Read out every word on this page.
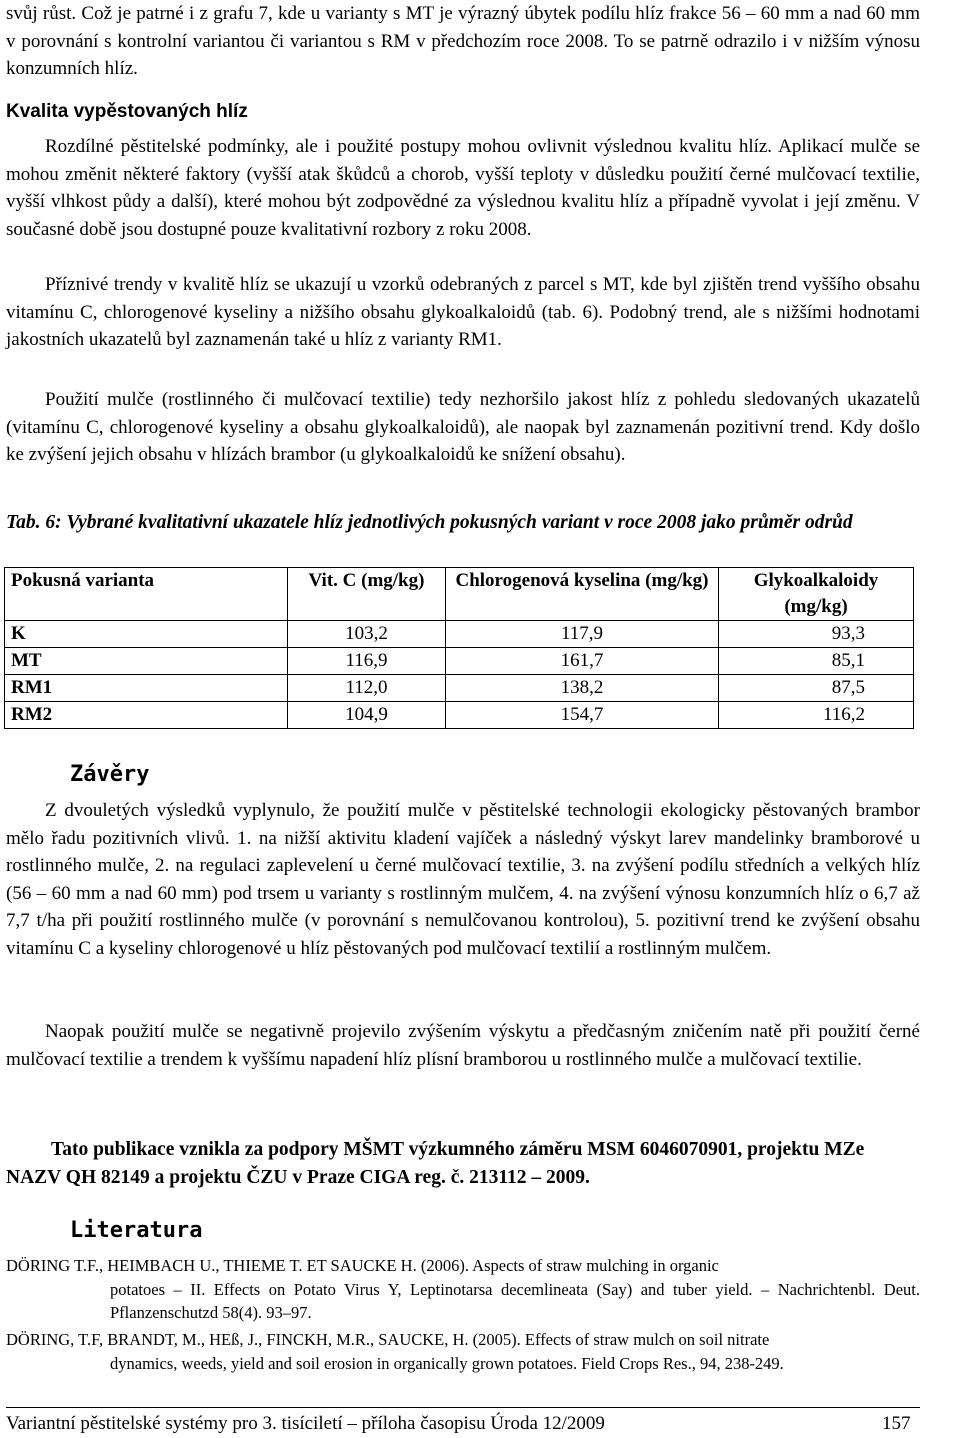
svůj růst. Což je patrné i z grafu 7, kde u varianty s MT je výrazný úbytek podílu hlíz frakce 56 – 60 mm a nad 60 mm v porovnání s kontrolní variantou či variantou s RM v předchozím roce 2008. To se patrně odrazilo i v nižším výnosu konzumních hlíz.

Kvalita vypěstovaných hlíz

Rozdílné pěstitelské podmínky, ale i použité postupy mohou ovlivnit výslednou kvalitu hlíz. Aplikací mulče se mohou změnit některé faktory (vyšší atak škůdců a chorob, vyšší teploty v důsledku použití černé mulčovací textilie, vyšší vlhkost půdy a další), které mohou být zodpovědné za výslednou kvalitu hlíz a případně vyvolat i její změnu. V současné době jsou dostupné pouze kvalitativní rozbory z roku 2008.

Příznivé trendy v kvalitě hlíz se ukazují u vzorků odebraných z parcel s MT, kde byl zjištěn trend vyššího obsahu vitamínu C, chlorogenové kyseliny a nižšího obsahu glykoalkaloidů (tab. 6). Podobný trend, ale s nižšími hodnotami jakostních ukazatelů byl zaznamenán také u hlíz z varianty RM1.

Použití mulče (rostlinného či mulčovací textilie) tedy nezhoršilo jakost hlíz z pohledu sledovaných ukazatelů (vitamínu C, chlorogenové kyseliny a obsahu glykoalkaloidů), ale naopak byl zaznamenán pozitivní trend. Kdy došlo ke zvýšení jejich obsahu v hlízách brambor (u glykoalkaloidů ke snížení obsahu).

Tab. 6: Vybrané kvalitativní ukazatele hlíz jednotlivých pokusných variant v roce 2008 jako průměr odrůd
Pokusná varianta	Vit. C (mg/kg)	Chlorogenová kyselina (mg/kg)	Glykoalkaloidy (mg/kg)
K	103,2	117,9	93,3
MT	116,9	161,7	85,1
RM1	112,0	138,2	87,5
RM2	104,9	154,7	116,2
Závěry

Z dvouletých výsledků vyplynulo, že použití mulče v pěstitelské technologii ekologicky pěstovaných brambor mělo řadu pozitivních vlivů. 1. na nižší aktivitu kladení vajíček a následný výskyt larev mandelinky bramborové u rostlinného mulče, 2. na regulaci zaplevelení u černé mulčovací textilie, 3. na zvýšení podílu středních a velkých hlíz (56 – 60 mm a nad 60 mm) pod trsem u varianty s rostlinným mulčem, 4. na zvýšení výnosu konzumních hlíz o 6,7 až 7,7 t/ha při použití rostlinného mulče (v porovnání s nemulčovanou kontrolou), 5. pozitivní trend ke zvýšení obsahu vitamínu C a kyseliny chlorogenové u hlíz pěstovaných pod mulčovací textilií a rostlinným mulčem.

Naopak použití mulče se negativně projevilo zvýšením výskytu a předčasným zničením natě při použití černé mulčovací textilie a trendem k vyššímu napadení hlíz plísní bramborou u rostlinného mulče a mulčovací textilie.

Tato publikace vznikla za podpory MŠMT výzkumného záměru MSM 6046070901, projektu MZe NAZV QH 82149 a projektu ČZU v Praze CIGA reg. č. 213112 – 2009.
Literatura
DÖRING T.F., HEIMBACH U., THIEME T. ET SAUCKE H. (2006). Aspects of straw mulching in organic
potatoes – II. Effects on Potato Virus Y, Leptinotarsa decemlineata (Say) and tuber yield. – Nachrichtenbl. Deut. Pflanzenschutzd 58(4). 93–97.
DÖRING, T.F, BRANDT, M., HEß, J., FINCKH, M.R., SAUCKE, H. (2005). Effects of straw mulch on soil nitrate
dynamics, weeds, yield and soil erosion in organically grown potatoes. Field Crops Res., 94, 238-249.
Variantní pěstitelské systémy pro 3. tisíciletí – příloha časopisu Úroda 12/2009	157
